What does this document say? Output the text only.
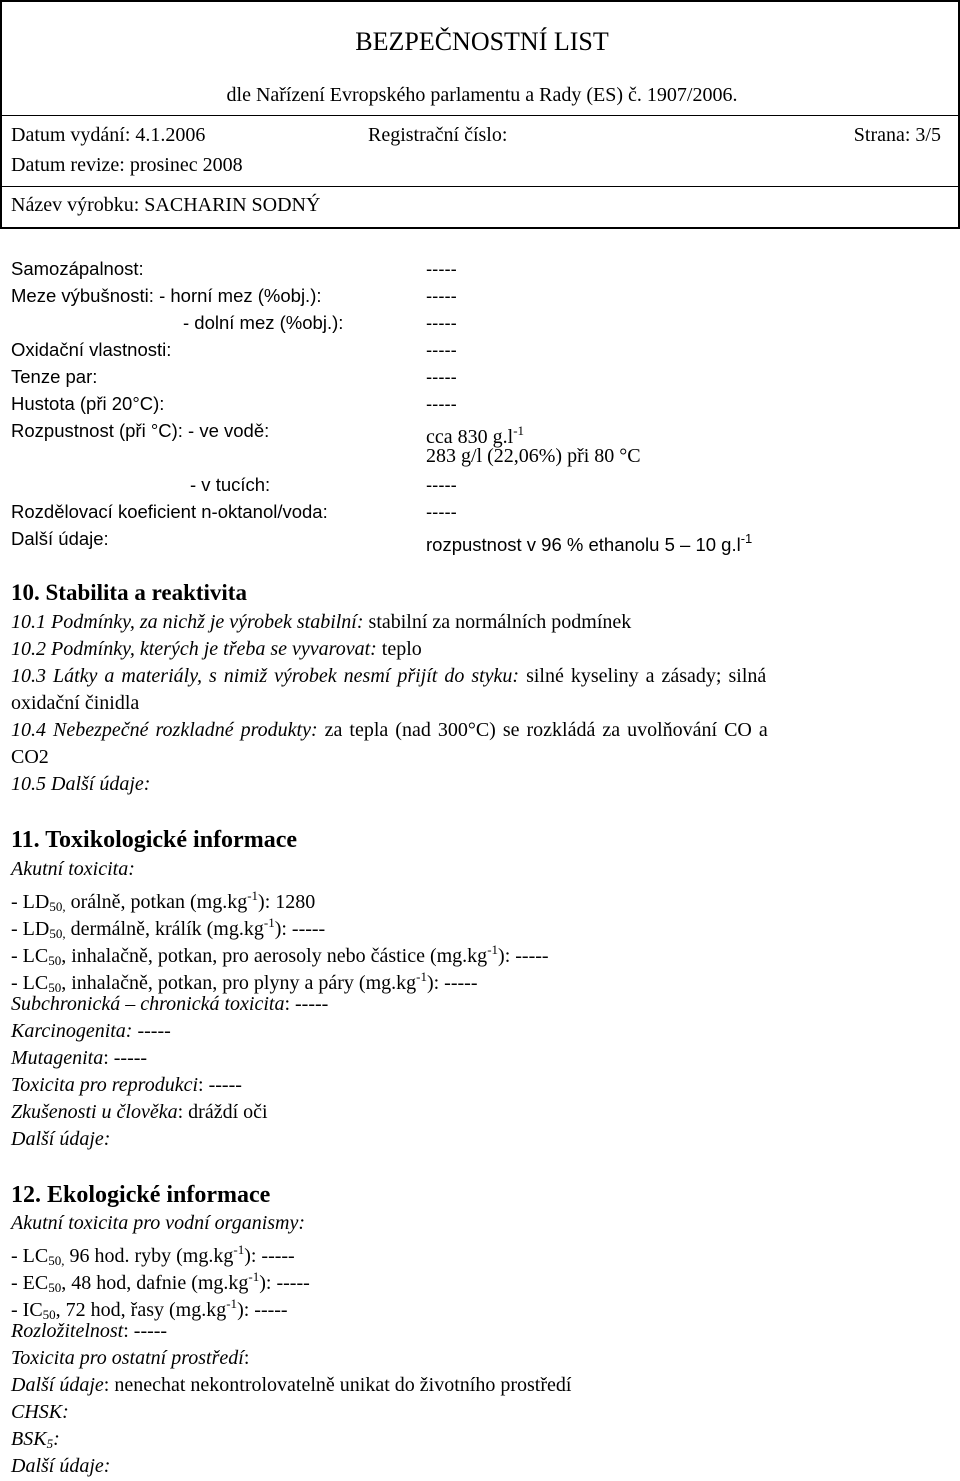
BEZPEČNOSTNÍ LIST
dle Nařízení Evropského parlamentu a Rady (ES) č. 1907/2006.
Datum vydání: 4.1.2006	Registrační číslo:	Strana: 3/5
Datum revize: prosinec 2008
Název výrobku: SACHARIN SODNÝ
Samozápalnost:	-----
Meze výbušnosti: - horní mez (%obj.):	-----
- dolní mez (%obj.):	-----
Oxidační vlastnosti:	-----
Tenze par:	-----
Hustota (při 20°C):	-----
Rozpustnost (při °C): - ve vodě:	cca 830 $g.l^{-1}$
283 g/l (22,06%) při 80 °C
- v tucích:	-----
Rozdělovací koeficient n-oktanol/voda:	-----
Další údaje:	rozpustnost v 96 % ethanolu 5 – 10 $g.l^{-1}$
10. Stabilita a reaktivita
10.1 Podmínky, za nichž je výrobek stabilní: stabilní za normálních podmínek
10.2 Podmínky, kterých je třeba se vyvarovat: teplo
10.3 Látky a materiály, s nimiž výrobek nesmí přijít do styku: silné kyseliny a zásady; silná
oxidační činidla
10.4 Nebezpečné rozkladné produkty: za tepla (nad 300°C) se rozkládá za uvolňování CO a
CO2
10.5 Další údaje:
11. Toxikologické informace
Akutní toxicita:
- $LD_{50,}$ orálně, potkan $(mg.kg^{-1})$: 1280
- $LD_{50,}$ dermálně, králík $(mg.kg^{-1})$: -----
- $LC_{50}$, inhalačně, potkan, pro aerosoly nebo částice $(mg.kg^{-1})$: -----
- $LC_{50}$, inhalačně, potkan, pro plyny a páry $(mg.kg^{-1})$: -----
Subchronická – chronická toxicita: -----
Karcinogenita: -----
Mutagenita: -----
Toxicita pro reprodukci: -----
Zkušenosti u člověka: dráždí oči
Další údaje:
12. Ekologické informace
Akutní toxicita pro vodní organismy:
- $LC_{50,}$ 96 hod. ryby $(mg.kg^{-1})$: -----
- $EC_{50}$, 48 hod, dafnie $(mg.kg^{-1})$: -----
- $IC_{50}$, 72 hod, řasy $(mg.kg^{-1})$: -----
Rozložitelnost: -----
Toxicita pro ostatní prostředí:
Další údaje: nenechat nekontrolovatelně unikat do životního prostředí
CHSK:
$BSK_5$:
Další údaje:
